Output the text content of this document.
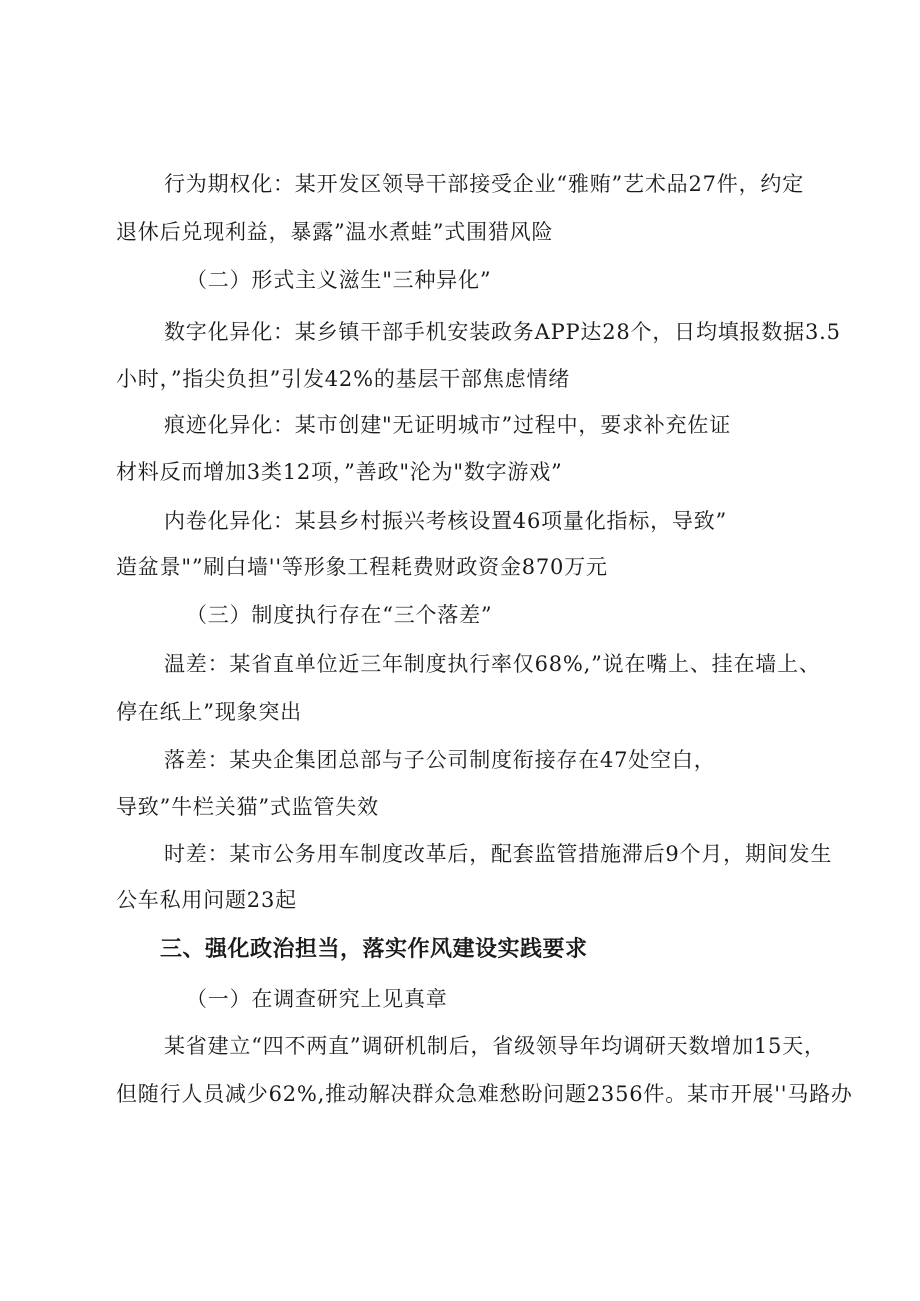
行为期权化：某开发区领导干部接受企业“雅贿”艺术品27件，约定
退休后兑现利益，暴露”温水煮蛙”式围猎风险
（二）形式主义滋生"三种异化”
数字化异化：某乡镇干部手机安装政务APP达28个，日均填报数据3.5
小时，”指尖负担”引发42%的基层干部焦虑情绪
痕迹化异化：某市创建"无证明城市”过程中，要求补充佐证
材料反而增加3类12项，”善政"沦为"数字游戏”
内卷化异化：某县乡村振兴考核设置46项量化指标，导致”
造盆景"”刷白墙''等形象工程耗费财政资金870万元
（三）制度执行存在“三个落差”
温差：某省直单位近三年制度执行率仅68%,”说在嘴上、挂在墙上、
停在纸上”现象突出
落差：某央企集团总部与子公司制度衔接存在47处空白，
导致”牛栏关猫”式监管失效
时差：某市公务用车制度改革后，配套监管措施滞后9个月，期间发生
公车私用问题23起
三、强化政治担当，落实作风建设实践要求
（一）在调查研究上见真章
某省建立“四不两直”调研机制后，省级领导年均调研天数增加15天，
但随行人员减少62%,推动解决群众急难愁盼问题2356件。某市开展''马路办
